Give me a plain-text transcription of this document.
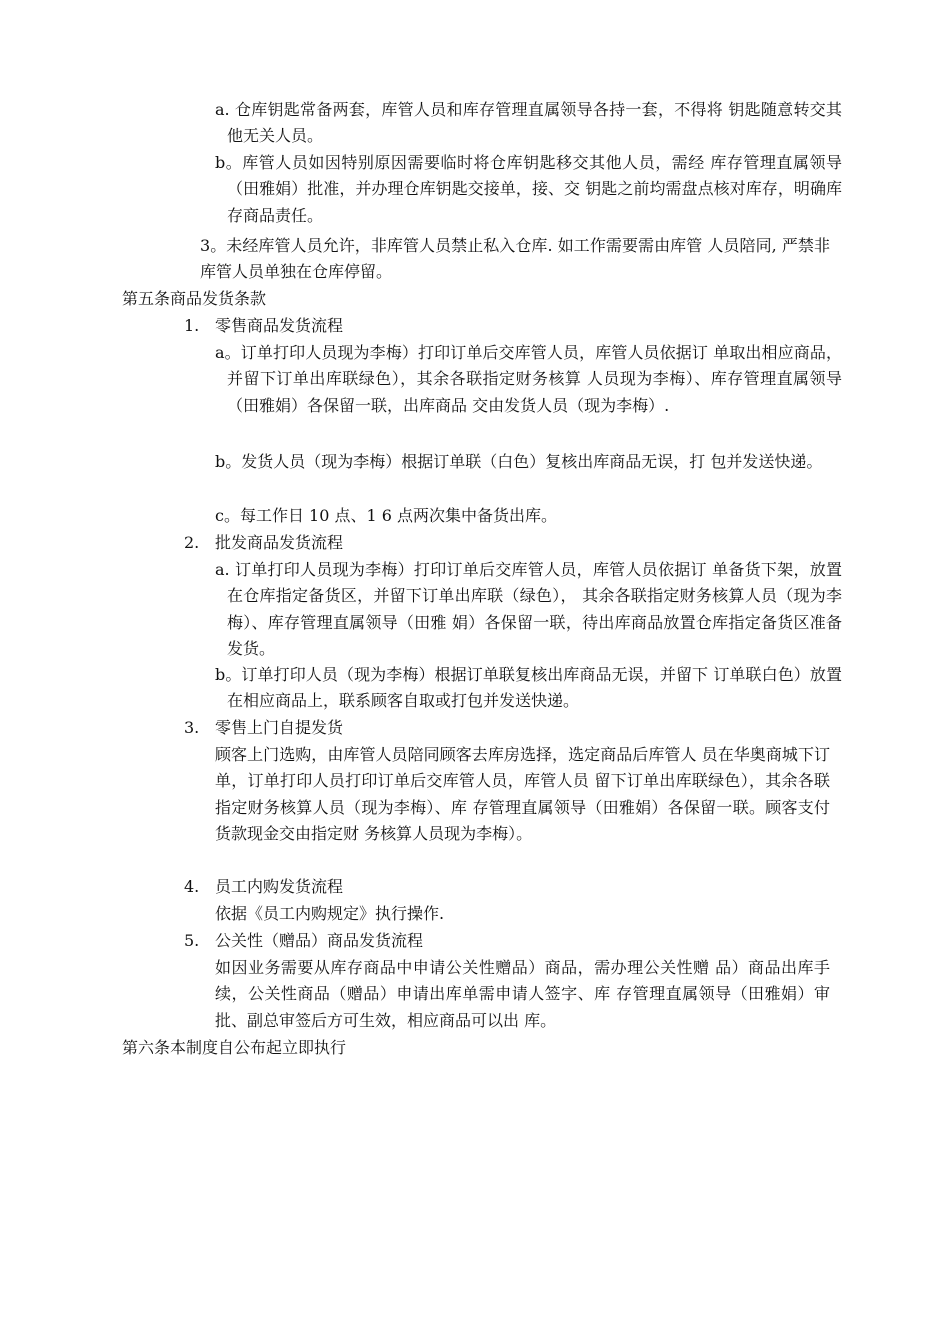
a. 仓库钥匙常备两套，库管人员和库存管理直属领导各持一套，不得将 钥匙随意转交其他无关人员。

b。库管人员如因特别原因需要临时将仓库钥匙移交其他人员，需经 库存管理直属领导（田雅娟）批准，并办理仓库钥匙交接单，接、交 钥匙之前均需盘点核对库存，明确库存商品责任。

3。未经库管人员允许，非库管人员禁止私入仓库. 如工作需要需由库管 人员陪同, 严禁非库管人员单独在仓库停留。

第五条商品发货条款

1. 零售商品发货流程

a。订单打印人员现为李梅）打印订单后交库管人员，库管人员依据订 单取出相应商品，并留下订单出库联绿色），其余各联指定财务核算 人员现为李梅）、库存管理直属领导（田雅娟）各保留一联，出库商品 交由发货人员（现为李梅）.

b。发货人员（现为李梅）根据订单联（白色）复核出库商品无误，打 包并发送快递。

c。每工作日 10 点、1 6 点两次集中备货出库。

2. 批发商品发货流程

a. 订单打印人员现为李梅）打印订单后交库管人员，库管人员依据订 单备货下架，放置在仓库指定备货区，并留下订单出库联（绿色）， 其余各联指定财务核算人员（现为李梅）、库存管理直属领导（田雅 娟）各保留一联，待出库商品放置仓库指定备货区准备发货。

b。订单打印人员（现为李梅）根据订单联复核出库商品无误，并留下 订单联白色）放置在相应商品上，联系顾客自取或打包并发送快递。

3. 零售上门自提发货

顾客上门选购，由库管人员陪同顾客去库房选择，选定商品后库管人 员在华奥商城下订单，订单打印人员打印订单后交库管人员，库管人员 留下订单出库联绿色），其余各联指定财务核算人员（现为李梅）、库 存管理直属领导（田雅娟）各保留一联。顾客支付货款现金交由指定财 务核算人员现为李梅）。

4. 员工内购发货流程

依据《员工内购规定》执行操作.

5. 公关性（赠品）商品发货流程

如因业务需要从库存商品中申请公关性赠品）商品，需办理公关性赠 品）商品出库手续，公关性商品（赠品）申请出库单需申请人签字、库 存管理直属领导（田雅娟）审批、副总审签后方可生效，相应商品可以出 库。

第六条本制度自公布起立即执行
